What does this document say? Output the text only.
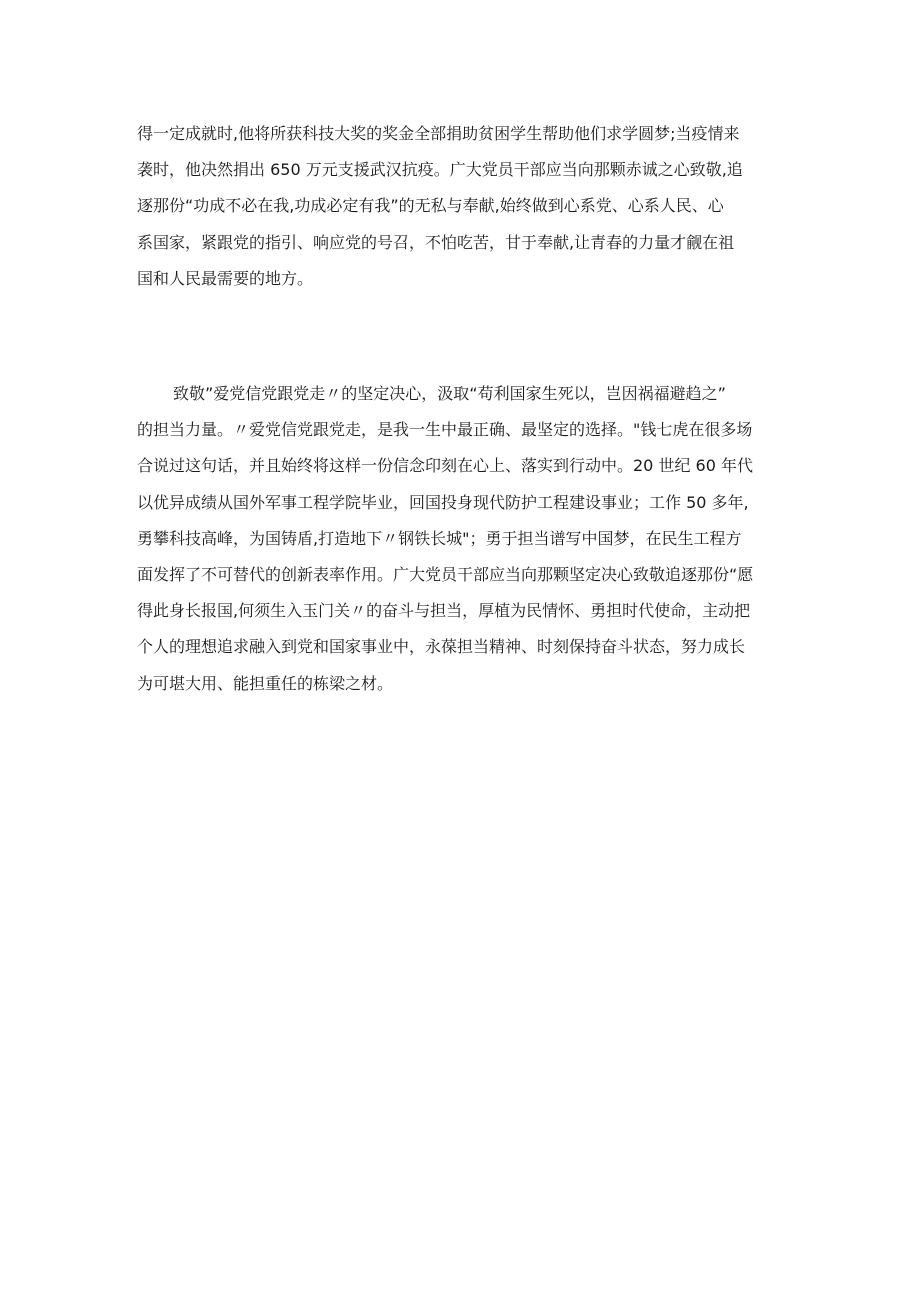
得一定成就时,他将所获科技大奖的奖金全部捐助贫困学生帮助他们求学圆梦;当疫情来
袭时，他决然捐出 650 万元支援武汉抗疫。广大党员干部应当向那颗赤诚之心致敬,追
逐那份“功成不必在我,功成必定有我”的无私与奉献,始终做到心系党、心系人民、心
系国家，紧跟党的指引、响应党的号召，不怕吃苦，甘于奉献,让青春的力量才觎在祖
国和人民最需要的地方。

致敬”爱党信党跟党走〃的坚定决心，汲取“苟利国家生死以，岂因祸福避趋之”
的担当力量。〃爱党信党跟党走，是我一生中最正确、最坚定的选择。"钱七虎在很多场
合说过这句话，并且始终将这样一份信念印刻在心上、落实到行动中。20 世纪 60 年代
以优异成绩从国外军事工程学院毕业，回国投身现代防护工程建设事业；工作 50 多年,
勇攀科技高峰，为国铸盾,打造地下〃钢铁长城"；勇于担当谱写中国梦，在民生工程方
面发挥了不可替代的创新表率作用。广大党员干部应当向那颗坚定决心致敬追逐那份“愿
得此身长报国,何须生入玉门关〃的奋斗与担当，厚植为民情怀、勇担时代使命，主动把
个人的理想追求融入到党和国家事业中，永葆担当精神、时刻保持奋斗状态，努力成长
为可堪大用、能担重任的栋梁之材。
